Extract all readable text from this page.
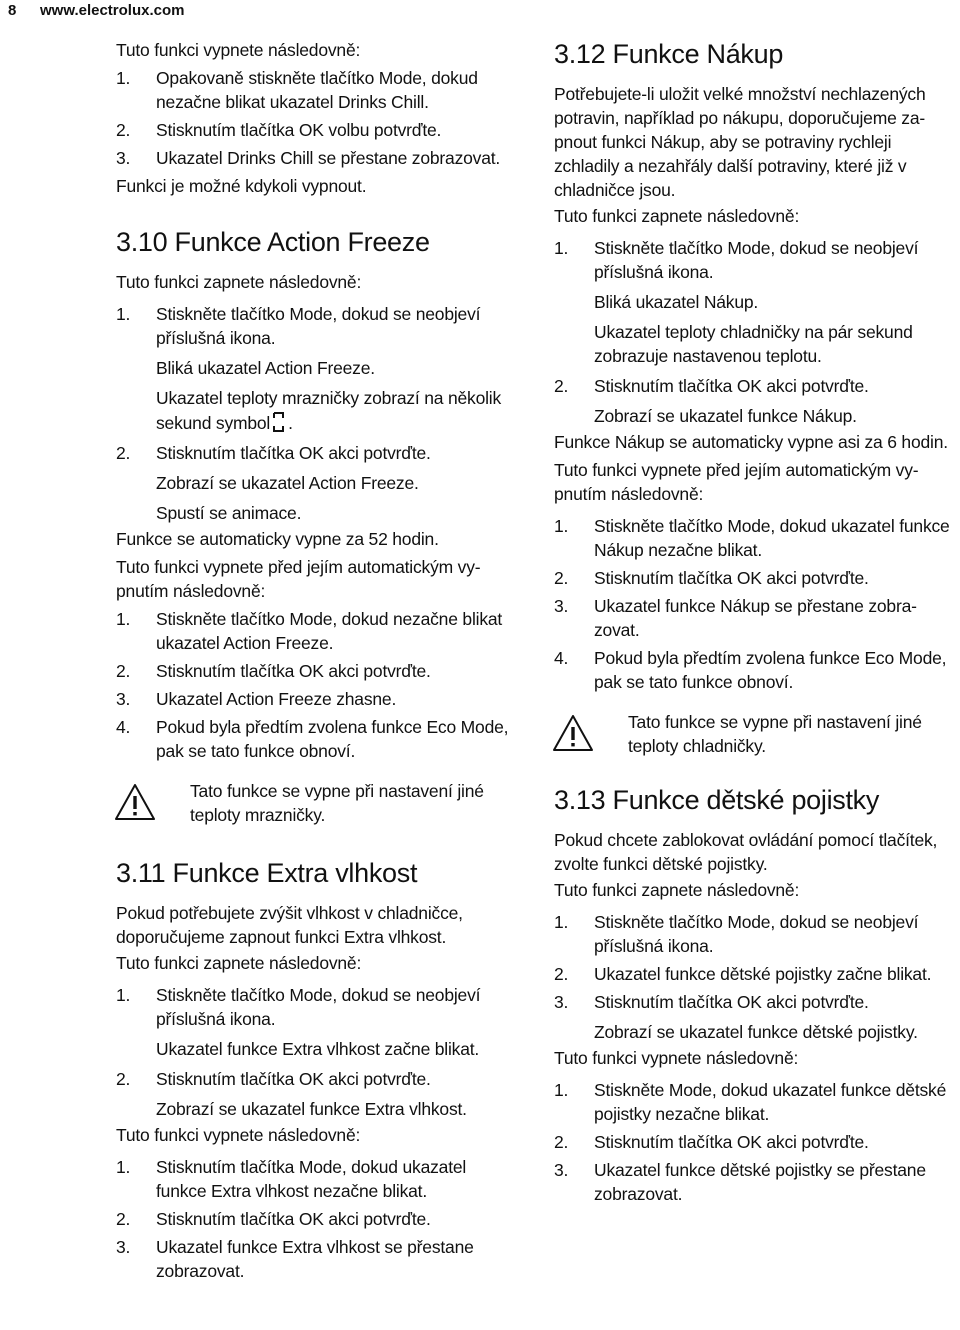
8 www.electrolux.com

Tuto funkci vypnete následovně:

1. Opakovaně stiskněte tlačítko Mode, dokud nezačne blikat ukazatel Drinks Chill.
2. Stisknutím tlačítka OK volbu potvrďte.
3. Ukazatel Drinks Chill se přestane zobrazovat.

Funkci je možné kdykoli vypnout.

3.10 Funkce Action Freeze

Tuto funkci zapnete následovně:

1. Stiskněte tlačítko Mode, dokud se neobjeví příslušná ikona.

Bliká ukazatel Action Freeze.

Ukazatel teploty mrazničky zobrazí na několik sekund symbol .

2. Stisknutím tlačítka OK akci potvrďte.

Zobrazí se ukazatel Action Freeze.

Spustí se animace.

Funkce se automaticky vypne za 52 hodin.

Tuto funkci vypnete před jejím automatickým vypnutím následovně:

1. Stiskněte tlačítko Mode, dokud nezačne blikat ukazatel Action Freeze.
2. Stisknutím tlačítka OK akci potvrďte.
3. Ukazatel Action Freeze zhasne.
4. Pokud byla předtím zvolena funkce Eco Mode, pak se tato funkce obnoví.
Tato funkce se vypne při nastavení jiné teploty mrazničky.
3.11 Funkce Extra vlhkost

Pokud potřebujete zvýšit vlhkost v chladničce, doporučujeme zapnout funkci Extra vlhkost.

Tuto funkci zapnete následovně:

1. Stiskněte tlačítko Mode, dokud se neobjeví příslušná ikona.

Ukazatel funkce Extra vlhkost začne blikat.

2. Stisknutím tlačítka OK akci potvrďte.

Zobrazí se ukazatel funkce Extra vlhkost.

Tuto funkci vypnete následovně:

1. Stisknutím tlačítka Mode, dokud ukazatel funkce Extra vlhkost nezačne blikat.
2. Stisknutím tlačítka OK akci potvrďte.
3. Ukazatel funkce Extra vlhkost se přestane zobrazovat.
3.12 Funkce Nákup

Potřebujete-li uložit velké množství nechlazených potravin, například po nákupu, doporučujeme zapnout funkci Nákup, aby se potraviny rychleji zchladily a nezahřály další potraviny, které již v chladničce jsou.

Tuto funkci zapnete následovně:

1. Stiskněte tlačítko Mode, dokud se neobjeví příslušná ikona.

Bliká ukazatel Nákup.

Ukazatel teploty chladničky na pár sekund zobrazuje nastavenou teplotu.

2. Stisknutím tlačítka OK akci potvrďte.

Zobrazí se ukazatel funkce Nákup.

Funkce Nákup se automaticky vypne asi za 6 hodin.

Tuto funkci vypnete před jejím automatickým vypnutím následovně:

1. Stiskněte tlačítko Mode, dokud ukazatel funkce Nákup nezačne blikat.
2. Stisknutím tlačítka OK akci potvrďte.
3. Ukazatel funkce Nákup se přestane zobrazovat.
4. Pokud byla předtím zvolena funkce Eco Mode, pak se tato funkce obnoví.
Tato funkce se vypne při nastavení jiné teploty chladničky.
3.13 Funkce dětské pojistky

Pokud chcete zablokovat ovládání pomocí tlačítek, zvolte funkci dětské pojistky.

Tuto funkci zapnete následovně:

1. Stiskněte tlačítko Mode, dokud se neobjeví příslušná ikona.
2. Ukazatel funkce dětské pojistky začne blikat.
3. Stisknutím tlačítka OK akci potvrďte.

Zobrazí se ukazatel funkce dětské pojistky.

Tuto funkci vypnete následovně:

1. Stiskněte Mode, dokud ukazatel funkce dětské pojistky nezačne blikat.
2. Stisknutím tlačítka OK akci potvrďte.
3. Ukazatel funkce dětské pojistky se přestane zobrazovat.
